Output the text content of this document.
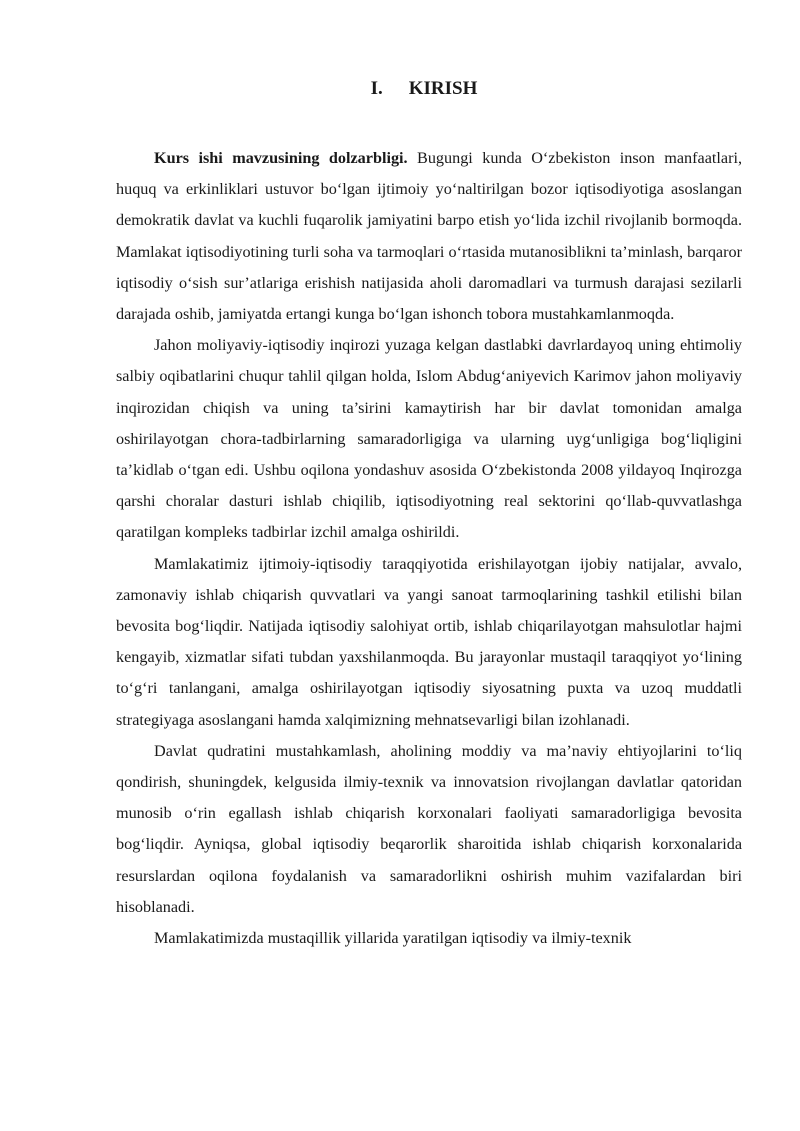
I. KIRISH

Kurs ishi mavzusining dolzarbligi. Bugungi kunda O‘zbekiston inson manfaatlari, huquq va erkinliklari ustuvor bo‘lgan ijtimoiy yo‘naltirilgan bozor iqtisodiyotiga asoslangan demokratik davlat va kuchli fuqarolik jamiyatini barpo etish yo‘lida izchil rivojlanib bormoqda. Mamlakat iqtisodiyotining turli soha va tarmoqlari o‘rtasida mutanosiblikni ta’minlash, barqaror iqtisodiy o‘sish sur’atlariga erishish natijasida aholi daromadlari va turmush darajasi sezilarli darajada oshib, jamiyatda ertangi kunga bo‘lgan ishonch tobora mustahkamlanmoqda.

Jahon moliyaviy-iqtisodiy inqirozi yuzaga kelgan dastlabki davrlardayoq uning ehtimoliy salbiy oqibatlarini chuqur tahlil qilgan holda, Islom Abdug‘aniyevich Karimov jahon moliyaviy inqirozidan chiqish va uning ta’sirini kamaytirish har bir davlat tomonidan amalga oshirilayotgan chora-tadbirlarning samaradorligiga va ularning uyg‘unligiga bog‘liqligini ta’kidlab o‘tgan edi. Ushbu oqilona yondashuv asosida O‘zbekistonda 2008 yildayoq Inqirozga qarshi choralar dasturi ishlab chiqilib, iqtisodiyotning real sektorini qo‘llab-quvvatlashga qaratilgan kompleks tadbirlar izchil amalga oshirildi.

Mamlakatimiz ijtimoiy-iqtisodiy taraqqiyotida erishilayotgan ijobiy natijalar, avvalo, zamonaviy ishlab chiqarish quvvatlari va yangi sanoat tarmoqlarining tashkil etilishi bilan bevosita bog‘liqdir. Natijada iqtisodiy salohiyat ortib, ishlab chiqarilayotgan mahsulotlar hajmi kengayib, xizmatlar sifati tubdan yaxshilanmoqda. Bu jarayonlar mustaqil taraqqiyot yo‘lining to‘g‘ri tanlangani, amalga oshirilayotgan iqtisodiy siyosatning puxta va uzoq muddatli strategiyaga asoslangani hamda xalqimizning mehnatsevarligi bilan izohlanadi.

Davlat qudratini mustahkamlash, aholining moddiy va ma’naviy ehtiyojlarini to‘liq qondirish, shuningdek, kelgusida ilmiy-texnik va innovatsion rivojlangan davlatlar qatoridan munosib o‘rin egallash ishlab chiqarish korxonalari faoliyati samaradorligiga bevosita bog‘liqdir. Ayniqsa, global iqtisodiy beqarorlik sharoitida ishlab chiqarish korxonalarida resurslardan oqilona foydalanish va samaradorlikni oshirish muhim vazifalardan biri hisoblanadi.

Mamlakatimizda mustaqillik yillarida yaratilgan iqtisodiy va ilmiy-texnik
